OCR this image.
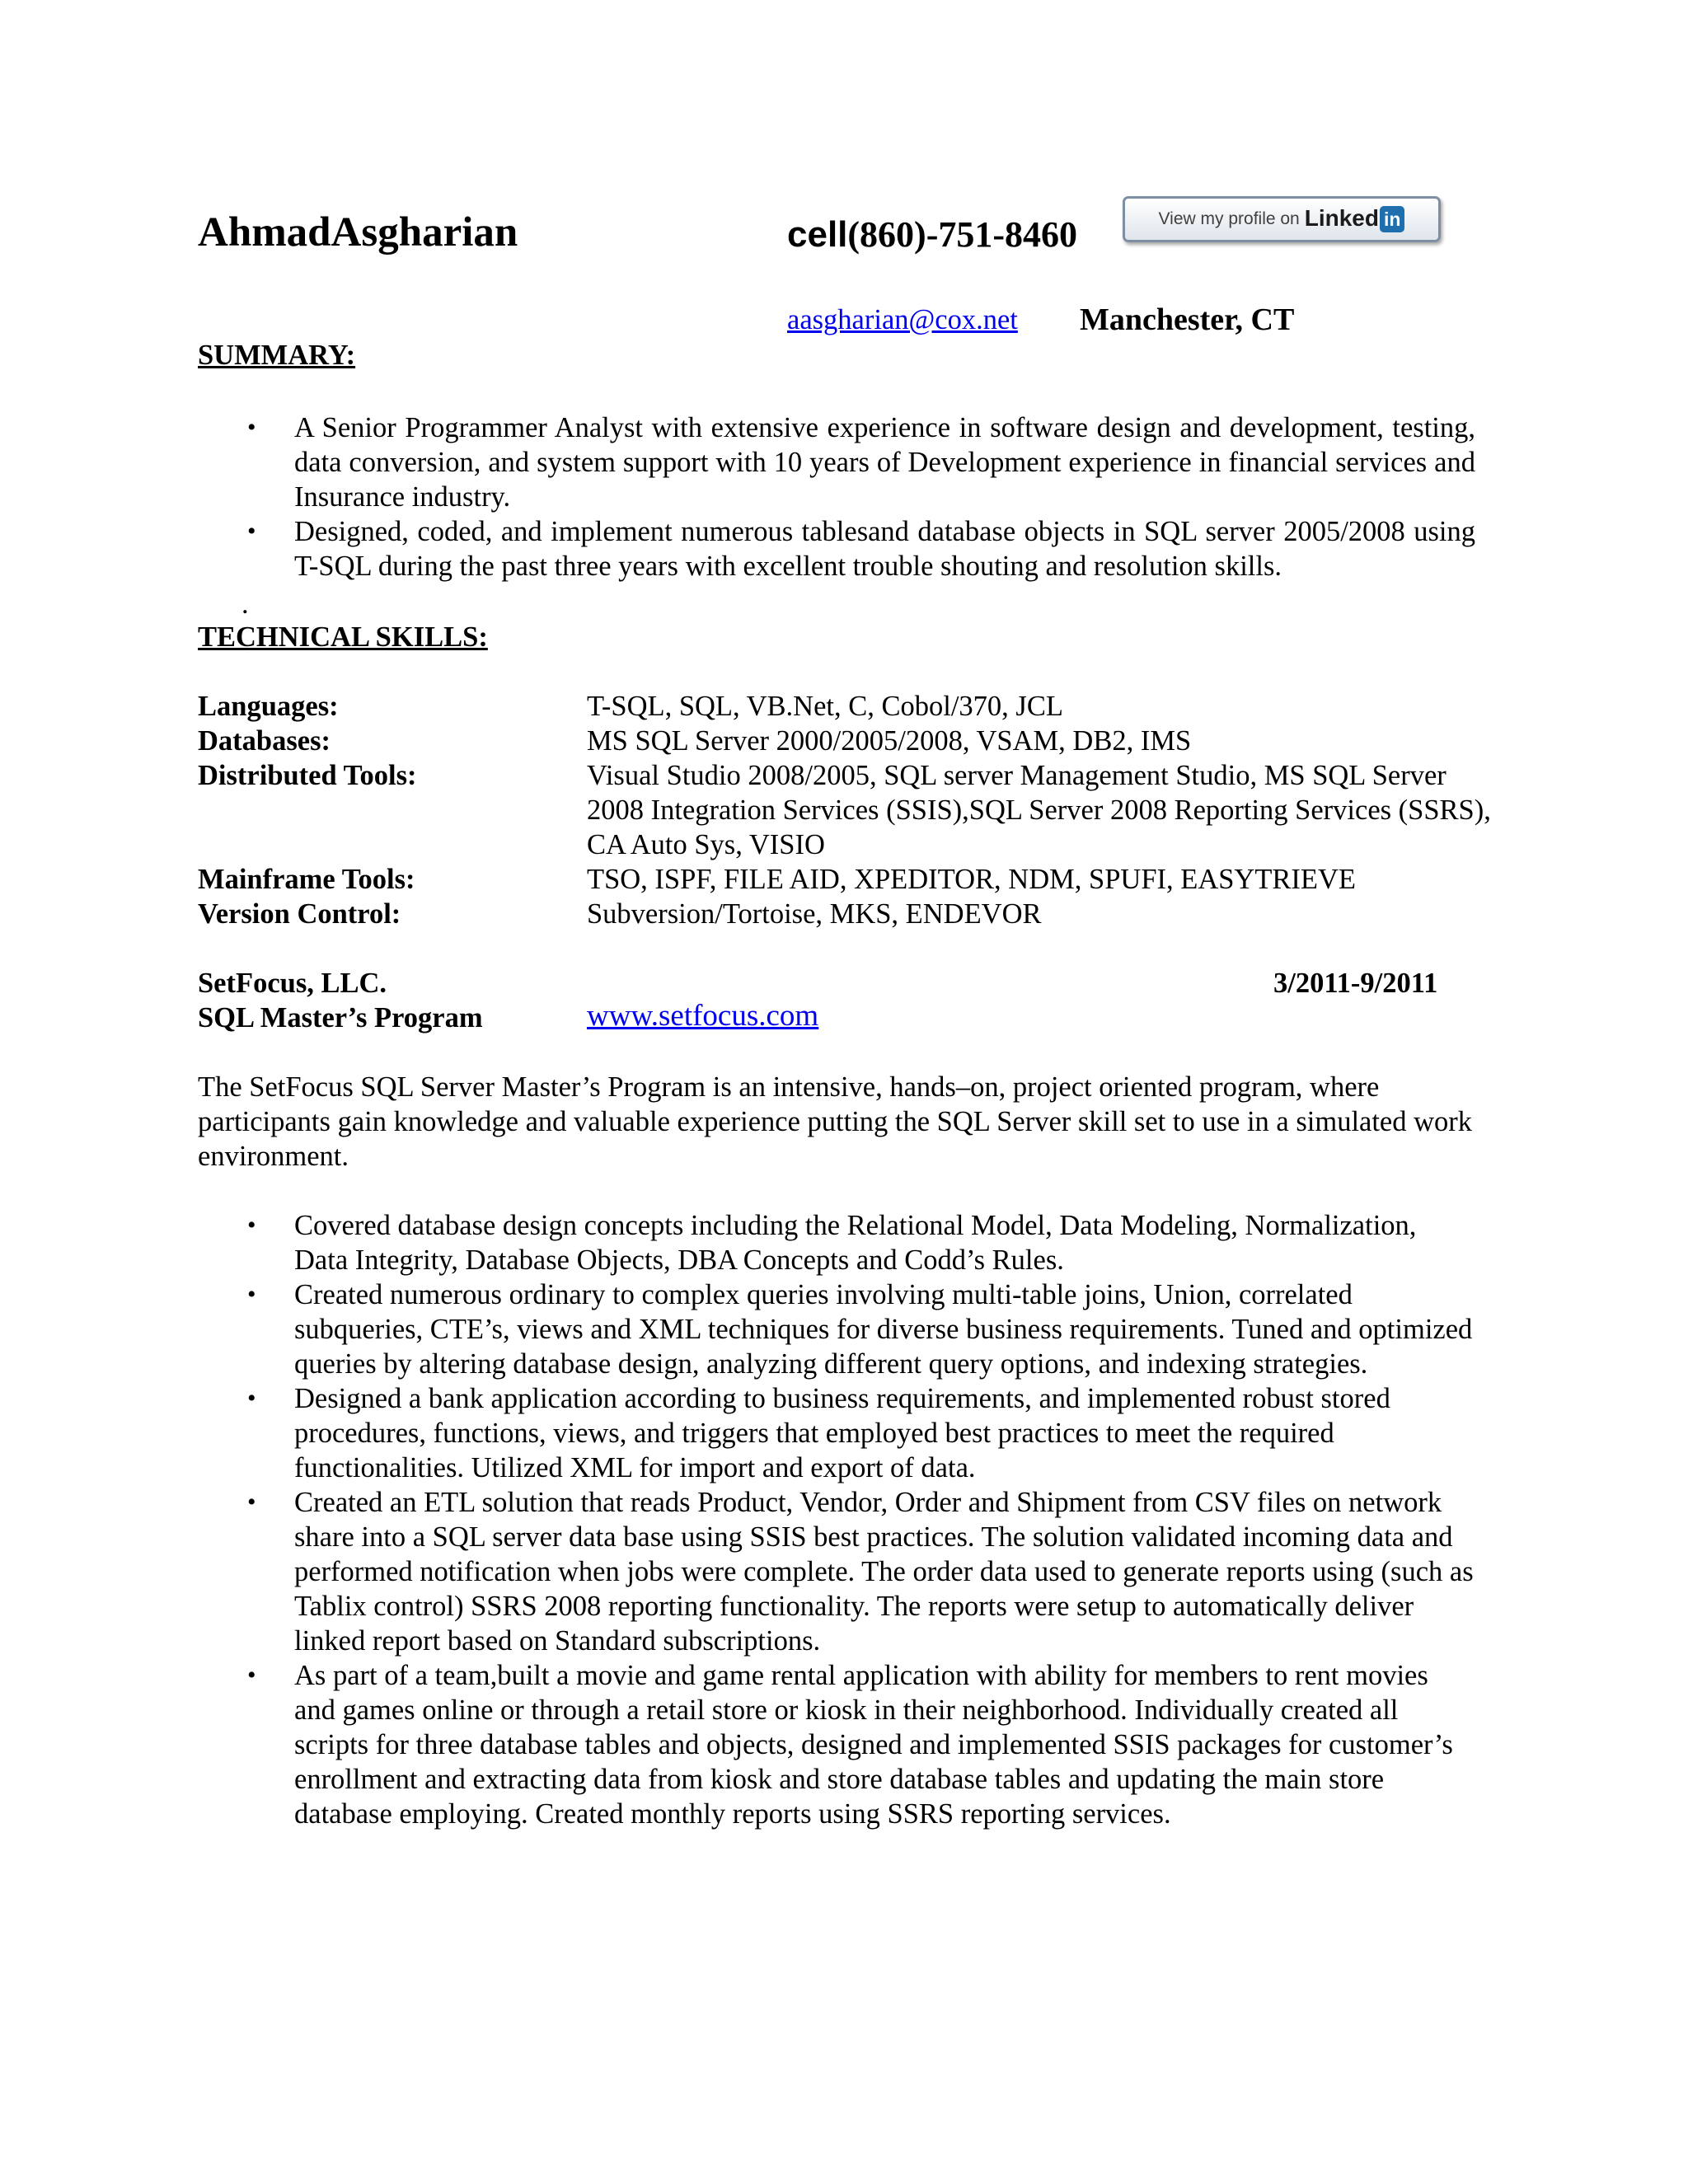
AhmadAsgharian	cell(860)-751-8460	View my profile on Linked in
aasgharian@cox.net Manchester, CT
SUMMARY:
• A Senior Programmer Analyst with extensive experience in software design and development, testing, data conversion, and system support with 10 years of Development experience in financial services and Insurance industry.
• Designed, coded, and implement numerous tablesand database objects in SQL server 2005/2008 using T-SQL during the past three years with excellent trouble shouting and resolution skills.
.
TECHNICAL SKILLS:
Languages:	T-SQL, SQL, VB.Net, C, Cobol/370, JCL
Databases:	MS SQL Server 2000/2005/2008, VSAM, DB2, IMS
Distributed Tools:	Visual Studio 2008/2005, SQL server Management Studio, MS SQL Server 2008 Integration Services (SSIS),SQL Server 2008 Reporting Services (SSRS), CA Auto Sys, VISIO
Mainframe Tools:	TSO, ISPF, FILE AID, XPEDITOR, NDM, SPUFI, EASYTRIEVE
Version Control:	Subversion/Tortoise, MKS, ENDEVOR
SetFocus, LLC.	3/2011-9/2011
SQL Master’s Program	www.setfocus.com
The SetFocus SQL Server Master’s Program is an intensive, hands–on, project oriented program, where participants gain knowledge and valuable experience putting the SQL Server skill set to use in a simulated work environment.
• Covered database design concepts including the Relational Model, Data Modeling, Normalization, Data Integrity, Database Objects, DBA Concepts and Codd’s Rules.
• Created numerous ordinary to complex queries involving multi-table joins, Union, correlated subqueries, CTE’s, views and XML techniques for diverse business requirements. Tuned and optimized queries by altering database design, analyzing different query options, and indexing strategies.
• Designed a bank application according to business requirements, and implemented robust stored procedures, functions, views, and triggers that employed best practices to meet the required functionalities. Utilized XML for import and export of data.
• Created an ETL solution that reads Product, Vendor, Order and Shipment from CSV files on network share into a SQL server data base using SSIS best practices. The solution validated incoming data and performed notification when jobs were complete. The order data used to generate reports using (such as Tablix control) SSRS 2008 reporting functionality. The reports were setup to automatically deliver linked report based on Standard subscriptions.
• As part of a team,built a movie and game rental application with ability for members to rent movies and games online or through a retail store or kiosk in their neighborhood. Individually created all scripts for three database tables and objects, designed and implemented SSIS packages for customer’s enrollment and extracting data from kiosk and store database tables and updating the main store database employing. Created monthly reports using SSRS reporting services.
